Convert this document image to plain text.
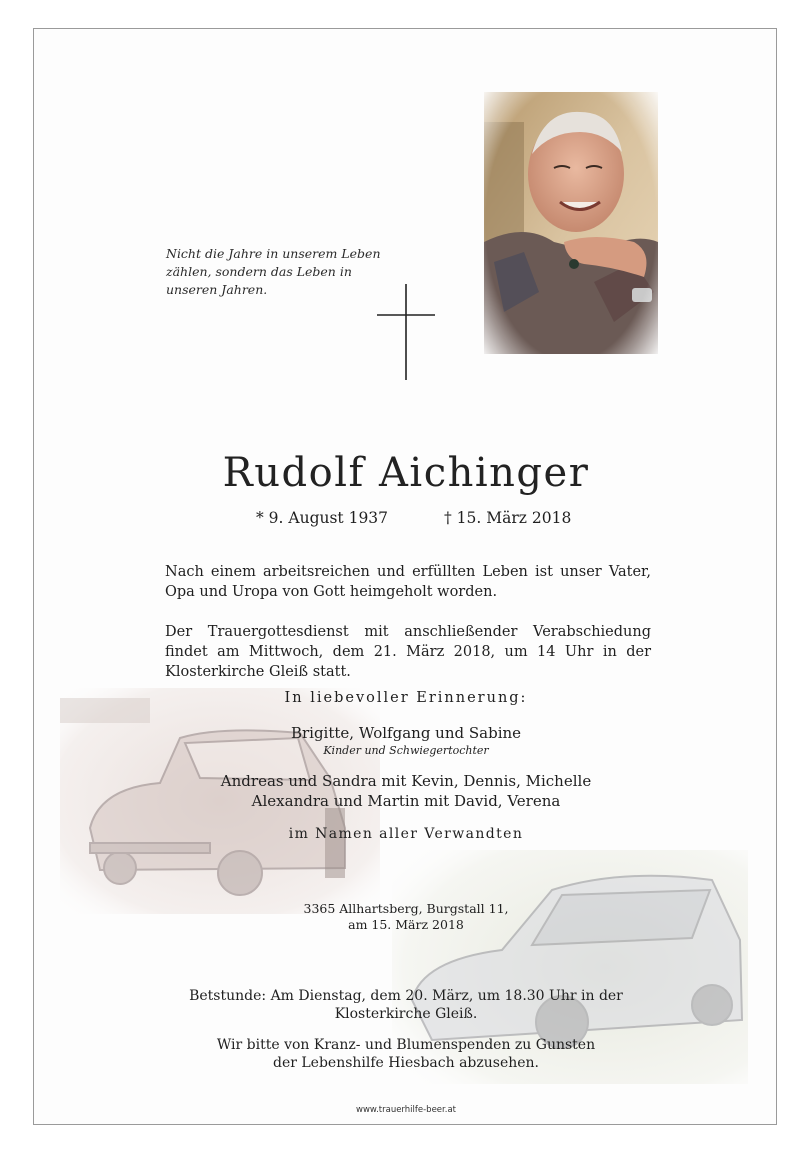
Nicht die Jahre in unserem Leben
zählen, sondern das Leben in
unseren Jahren.
Rudolf Aichinger
* 9. August 1937	† 15. März 2018
Nach einem arbeitsreichen und erfüllten Leben ist unser Vater, Opa und Uropa von Gott heimgeholt worden.
Der Trauergottesdienst mit anschließender Verabschiedung findet am Mittwoch, dem 21. März 2018, um 14 Uhr in der Klosterkirche Gleiß statt.
In liebevoller Erinnerung:
Brigitte, Wolfgang und Sabine
Kinder und Schwiegertochter
Andreas und Sandra mit Kevin, Dennis, Michelle
Alexandra und Martin mit David, Verena
im Namen aller Verwandten
3365 Allhartsberg, Burgstall 11,
am 15. März 2018
Betstunde: Am Dienstag, dem 20. März, um 18.30 Uhr in der
Klosterkirche Gleiß.
Wir bitte von Kranz- und Blumenspenden zu Gunsten
der Lebenshilfe Hiesbach abzusehen.
www.trauerhilfe-beer.at
